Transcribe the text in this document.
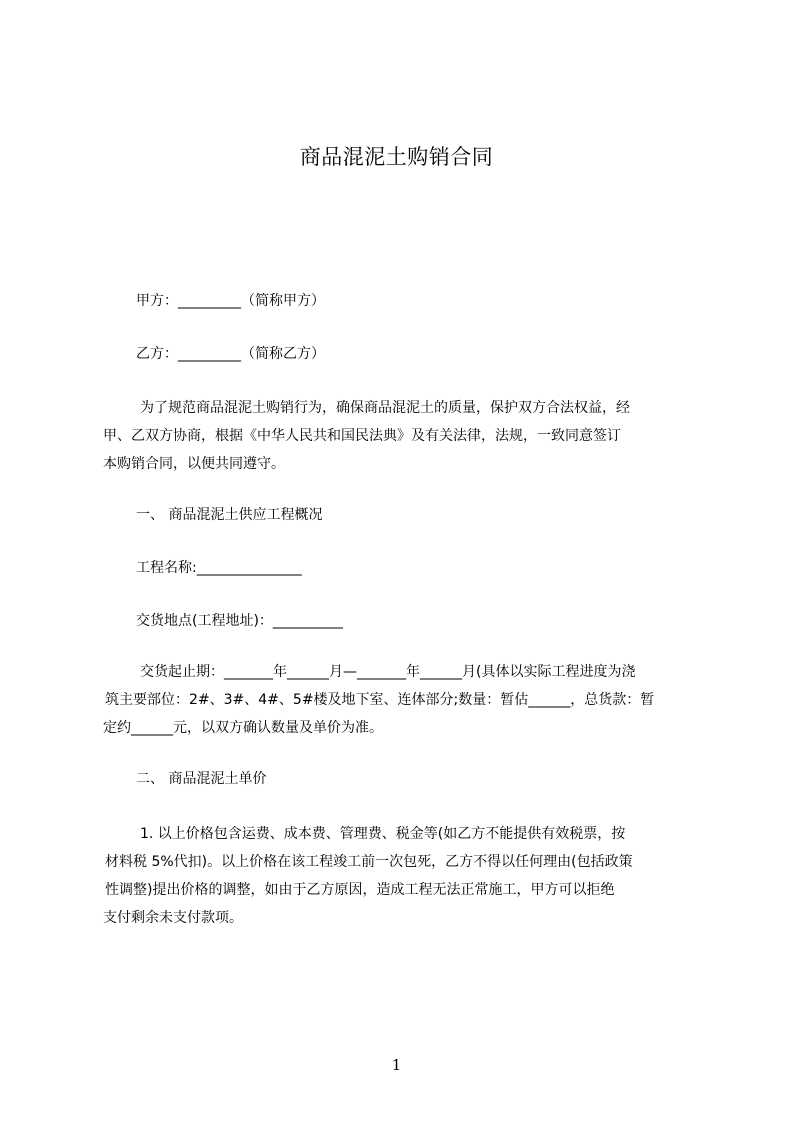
商品混泥土购销合同
甲方：_________（简称甲方）
乙方：_________（简称乙方）
为了规范商品混泥土购销行为，确保商品混泥土的质量，保护双方合法权益，经
甲、乙双方协商，根据《中华人民共和国民法典》及有关法律，法规，一致同意签订
本购销合同，以便共同遵守。
一、 商品混泥土供应工程概况
工程名称:_______________
交货地点(工程地址)：__________
交货起止期：_______年______月—_______年______月(具体以实际工程进度为浇
筑主要部位：2#、3#、4#、5#楼及地下室、连体部分;数量：暂估______，总货款：暂
定约______元，以双方确认数量及单价为准。
二、 商品混泥土单价
1. 以上价格包含运费、成本费、管理费、税金等(如乙方不能提供有效税票，按
材料税 5%代扣)。以上价格在该工程竣工前一次包死，乙方不得以任何理由(包括政策
性调整)提出价格的调整，如由于乙方原因，造成工程无法正常施工，甲方可以拒绝
支付剩余未支付款项。
1
